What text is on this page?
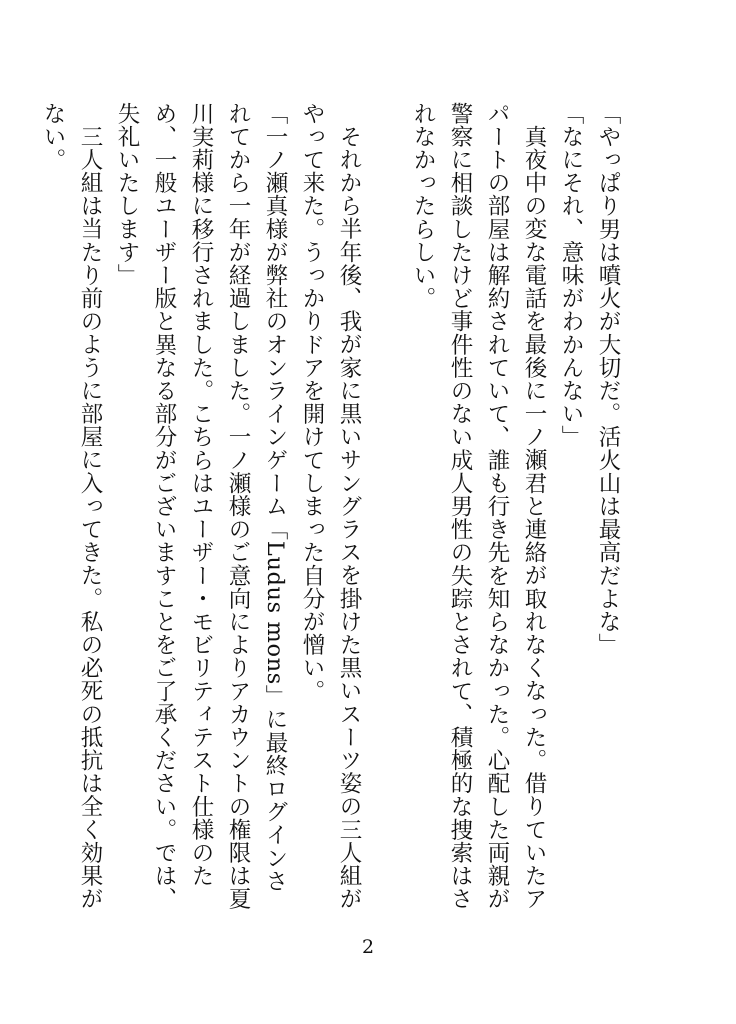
「やっぱり男は噴火が大切だ。活火山は最高だよな」

「なにそれ、意味がわかんない」

真夜中の変な電話を最後に一ノ瀬君と連絡が取れなくなった。借りていたアパートの部屋は解約されていて、誰も行き先を知らなかった。心配した両親が警察に相談したけど事件性のない成人男性の失踪とされて、積極的な捜索はされなかったらしい。

それから半年後、我が家に黒いサングラスを掛けた黒いスーツ姿の三人組がやって来た。うっかりドアを開けてしまった自分が憎い。

「一ノ瀬真様が弊社のオンラインゲーム「Ludus mons」に最終ログインされてから一年が経過しました。一ノ瀬様のご意向によりアカウントの権限は夏川実莉様に移行されました。こちらはユーザー・モビリティテスト仕様のため、一般ユーザー版と異なる部分がございますことをご了承ください。では、失礼いたします」

三人組は当たり前のように部屋に入ってきた。私の必死の抵抗は全く効果がない。

2
